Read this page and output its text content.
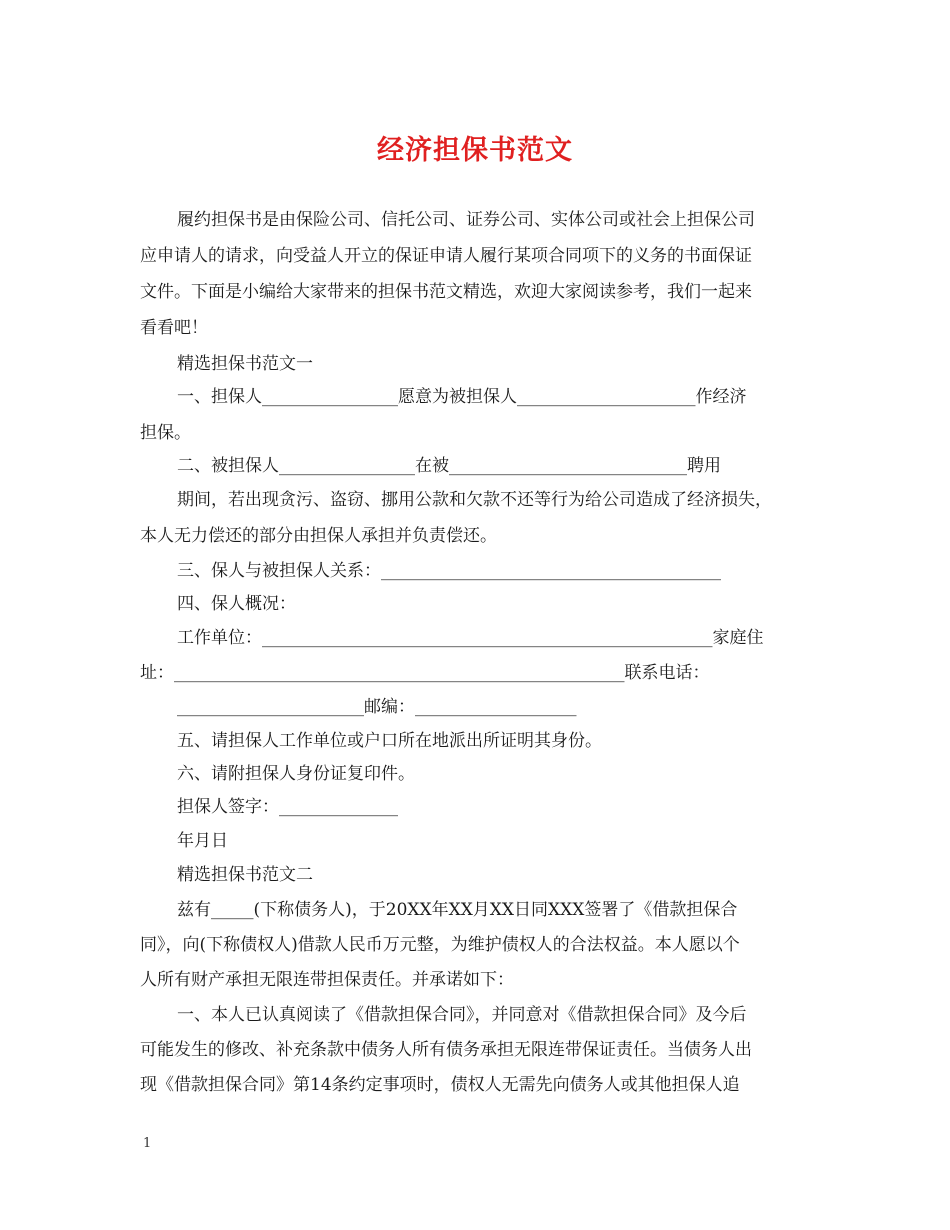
经济担保书范文
履约担保书是由保险公司、信托公司、证券公司、实体公司或社会上担保公司
应申请人的请求，向受益人开立的保证申请人履行某项合同项下的义务的书面保证
文件。下面是小编给大家带来的担保书范文精选，欢迎大家阅读参考，我们一起来
看看吧！
精选担保书范文一
一、担保人________________愿意为被担保人_____________________作经济
担保。
二、被担保人________________在被____________________________聘用
期间，若出现贪污、盗窃、挪用公款和欠款不还等行为给公司造成了经济损失，
本人无力偿还的部分由担保人承担并负责偿还。
三、保人与被担保人关系：________________________________________
四、保人概况：
工作单位：_____________________________________________________家庭住
址：_____________________________________________________联系电话：
______________________邮编：___________________
五、请担保人工作单位或户口所在地派出所证明其身份。
六、请附担保人身份证复印件。
担保人签字：______________
年月日
精选担保书范文二
兹有_____(下称债务人)，于20XX年XX月XX日同XXX签署了《借款担保合
同》，向(下称债权人)借款人民币万元整，为维护债权人的合法权益。本人愿以个
人所有财产承担无限连带担保责任。并承诺如下：
一、本人已认真阅读了《借款担保合同》，并同意对《借款担保合同》及今后
可能发生的修改、补充条款中债务人所有债务承担无限连带保证责任。当债务人出
现《借款担保合同》第14条约定事项时，债权人无需先向债务人或其他担保人追
1
